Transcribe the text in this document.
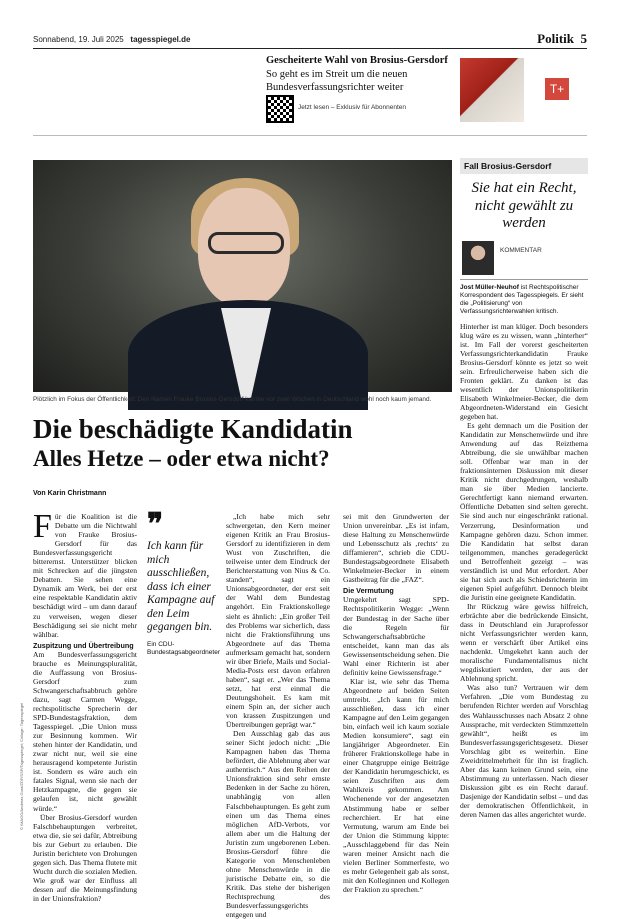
Sonnabend, 19. Juli 2025 tagesspiegel.de	Politik 5
Gescheiterte Wahl von Brosius-Gersdorf
So geht es im Streit um die neuen Bundesverfassungsrichter weiter
Jetzt lesen – Exklusiv für Abonnenten
T+
Plötzlich im Fokus der Öffentlichkeit: Den Namen Frauke Brosius-Gersdorf kannte vor zwei Wochen in Deutschland wohl noch kaum jemand.
Die beschädigte Kandidatin
Alles Hetze – oder etwa nicht?
Von Karin Christmann

Für die Koalition ist die Debatte um die Nichtwahl von Frauke Brosius-Gersdorf für das Bundesverfassungsgericht bitterernst. Unterstützer blicken mit Schrecken auf die jüngsten Debatten. Sie sehen eine Dynamik am Werk, bei der erst eine respektable Kandidatin aktiv beschädigt wird – um dann darauf zu verweisen, wegen dieser Beschädigung sei sie nicht mehr wählbar.

Zuspitzung und Übertreibung

Am Bundesverfassungsgericht brauche es Meinungspluralität, die Auffassung von Brosius-Gersdorf zum Schwangerschaftsabbruch gehöre dazu, sagt Carmen Wegge, rechtspolitische Sprecherin der SPD-Bundestagsfraktion, dem Tagesspiegel. „Die Union muss zur Besinnung kommen. Wir stehen hinter der Kandidatin, und zwar nicht nur, weil sie eine herausragend kompetente Juristin ist. Sondern es wäre auch ein fatales Signal, wenn sie nach der Hetzkampagne, die gegen sie gelaufen ist, nicht gewählt würde.“

Über Brosius-Gersdorf wurden Falschbehauptungen verbreitet, etwa die, sie sei dafür, Abtreibung bis zur Geburt zu erlauben. Die Juristin berichtete von Drohungen gegen sich. Das Thema flutete mit Wucht durch die sozialen Medien. Wie groß war der Einfluss all dessen auf die Meinungsfindung in der Unionsfraktion?

❞
Ich kann für mich ausschließen, dass ich einer Kampagne auf den Leim gegangen bin.
Ein CDU-Bundestagsabgeordneter

„Ich habe mich sehr schwergetan, den Kern meiner eigenen Kritik an Frau Brosius-Gersdorf zu identifizieren in dem Wust von Zuschriften, die teilweise unter dem Eindruck der Berichterstattung von Nius & Co. standen“, sagt ein Unionsabgeordneter, der erst seit der Wahl dem Bundestag angehört. Ein Fraktionskollege sieht es ähnlich: „Ein großer Teil des Problems war sicherlich, dass nicht die Fraktionsführung uns Abgeordnete auf das Thema aufmerksam gemacht hat, sondern wir über Briefe, Mails und Social-Media-Posts erst davon erfahren haben“, sagt er. „Wer das Thema setzt, hat erst einmal die Deutungshoheit. Es kam mit einem Spin an, der sicher auch von krassen Zuspitzungen und Übertreibungen geprägt war.“

Den Ausschlag gab das aus seiner Sicht jedoch nicht: „Die Kampagnen haben das Thema befördert, die Ablehnung aber war authentisch.“ Aus den Reihen der Unionsfraktion sind sehr ernste Bedenken in der Sache zu hören, unabhängig von allen Falschbehauptungen. Es geht zum einen um das Thema eines möglichen AfD-Verbots, vor allem aber um die Haltung der Juristin zum ungeborenen Leben. Brosius-Gersdorf führe die Kategorie von Menschenleben ohne Menschenwürde in die juristische Debatte ein, so die Kritik. Das stehe der bisherigen Rechtsprechung des Bundesverfassungsgerichts entgegen und

sei mit den Grundwerten der Union unvereinbar. „Es ist infam, diese Haltung zu Menschenwürde und Lebensschutz als ‚rechts‘ zu diffamieren“, schrieb die CDU-Bundestagsabgeordnete Elisabeth Winkelmeier-Becker in einem Gastbeitrag für die „FAZ“.

Die Vermutung

Umgekehrt sagt SPD-Rechtspolitikerin Wegge: „Wenn der Bundestag in der Sache über die Regeln für Schwangerschaftsabbrüche entscheidet, kann man das als Gewissensentscheidung sehen. Die Wahl einer Richterin ist aber definitiv keine Gewissensfrage.“

Klar ist, wie sehr das Thema Abgeordnete auf beiden Seiten umtreibt. „Ich kann für mich ausschließen, dass ich einer Kampagne auf den Leim gegangen bin, einfach weil ich kaum soziale Medien konsumiere“, sagt ein langjähriger Abgeordneter. Ein früherer Fraktionskollege habe in einer Chatgruppe einige Beiträge der Kandidatin herumgeschickt, es seien Zuschriften aus dem Wahlkreis gekommen. Am Wochenende vor der angesetzten Abstimmung habe er selber recherchiert. Er hat eine Vermutung, warum am Ende bei der Union die Stimmung kippte: „Ausschlaggebend für das Nein waren meiner Ansicht nach die vielen Berliner Sommerfeste, wo es mehr Gelegenheit gab als sonst, mit den Kolleginnen und Kollegen der Fraktion zu sprechen.“

© IMAGO/Andreas Gora/ZDF/SSP/Tagesspiegel; Collage: Tagesspiegel
Fall Brosius-Gersdorf
Sie hat ein Recht, nicht gewählt zu werden
KOMMENTAR
Jost Müller-Neuhof ist Rechtspolitischer Korrespondent des Tagesspiegels. Er sieht die „Politisierung“ von Verfassungsrichterwahlen kritisch.

Hinterher ist man klüger. Doch besonders klug wäre es zu wissen, wann „hinterher“ ist. Im Fall der vorerst gescheiterten Verfassungsrichterkandidatin Frauke Brosius-Gersdorf könnte es jetzt so weit sein. Erfreulicherweise haben sich die Fronten geklärt. Zu danken ist das wesentlich der Unionspolitikerin Elisabeth Winkelmeier-Becker, die dem Abgeordneten-Widerstand ein Gesicht gegeben hat.

Es geht demnach um die Position der Kandidatin zur Menschenwürde und ihre Anwendung auf das Reizthema Abtreibung, die sie unwählbar machen soll. Offenbar war man in der fraktionsinternen Diskussion mit dieser Kritik nicht durchgedrungen, weshalb man sie über Medien lancierte. Gerechtfertigt kann niemand erwarten. Öffentliche Debatten sind selten gerecht. Sie sind auch nur eingeschränkt rational. Verzerrung, Desinformation und Kampagne gehören dazu. Schon immer. Die Kandidatin hat selbst daran teilgenommen, manches geradegerückt und Betroffenheit gezeigt – was verständlich ist und Mut erfordert. Aber sie hat sich auch als Schiedsrichterin im eigenen Spiel aufgeführt. Dennoch bleibt die Juristin eine geeignete Kandidatin.

Ihr Rückzug wäre gewiss hilfreich, erbrächte aber die bedrückende Einsicht, dass in Deutschland ein Juraprofessor nicht Verfassungsrichter werden kann, wenn er verschärft über Artikel eins nachdenkt. Umgekehrt kann auch der moralische Fundamentalismus nicht wegdiskutiert werden, der aus der Ablehnung spricht.

Was also tun? Vertrauen wir dem Verfahren. „Die vom Bundestag zu berufenden Richter werden auf Vorschlag des Wahlausschusses nach Absatz 2 ohne Aussprache, mit verdeckten Stimmzetteln gewählt“, heißt es im Bundesverfassungsgerichtsgesetz. Dieser Vorschlag gibt es weiterhin. Eine Zweidrittelmehrheit für ihn ist fraglich. Aber das kann keinen Grund sein, eine Abstimmung zu unterlassen. Nach dieser Diskussion gibt es ein Recht darauf. Dasjenige der Kandidatin selbst – und das der demokratischen Öffentlichkeit, in deren Namen das alles angerichtet wurde.
